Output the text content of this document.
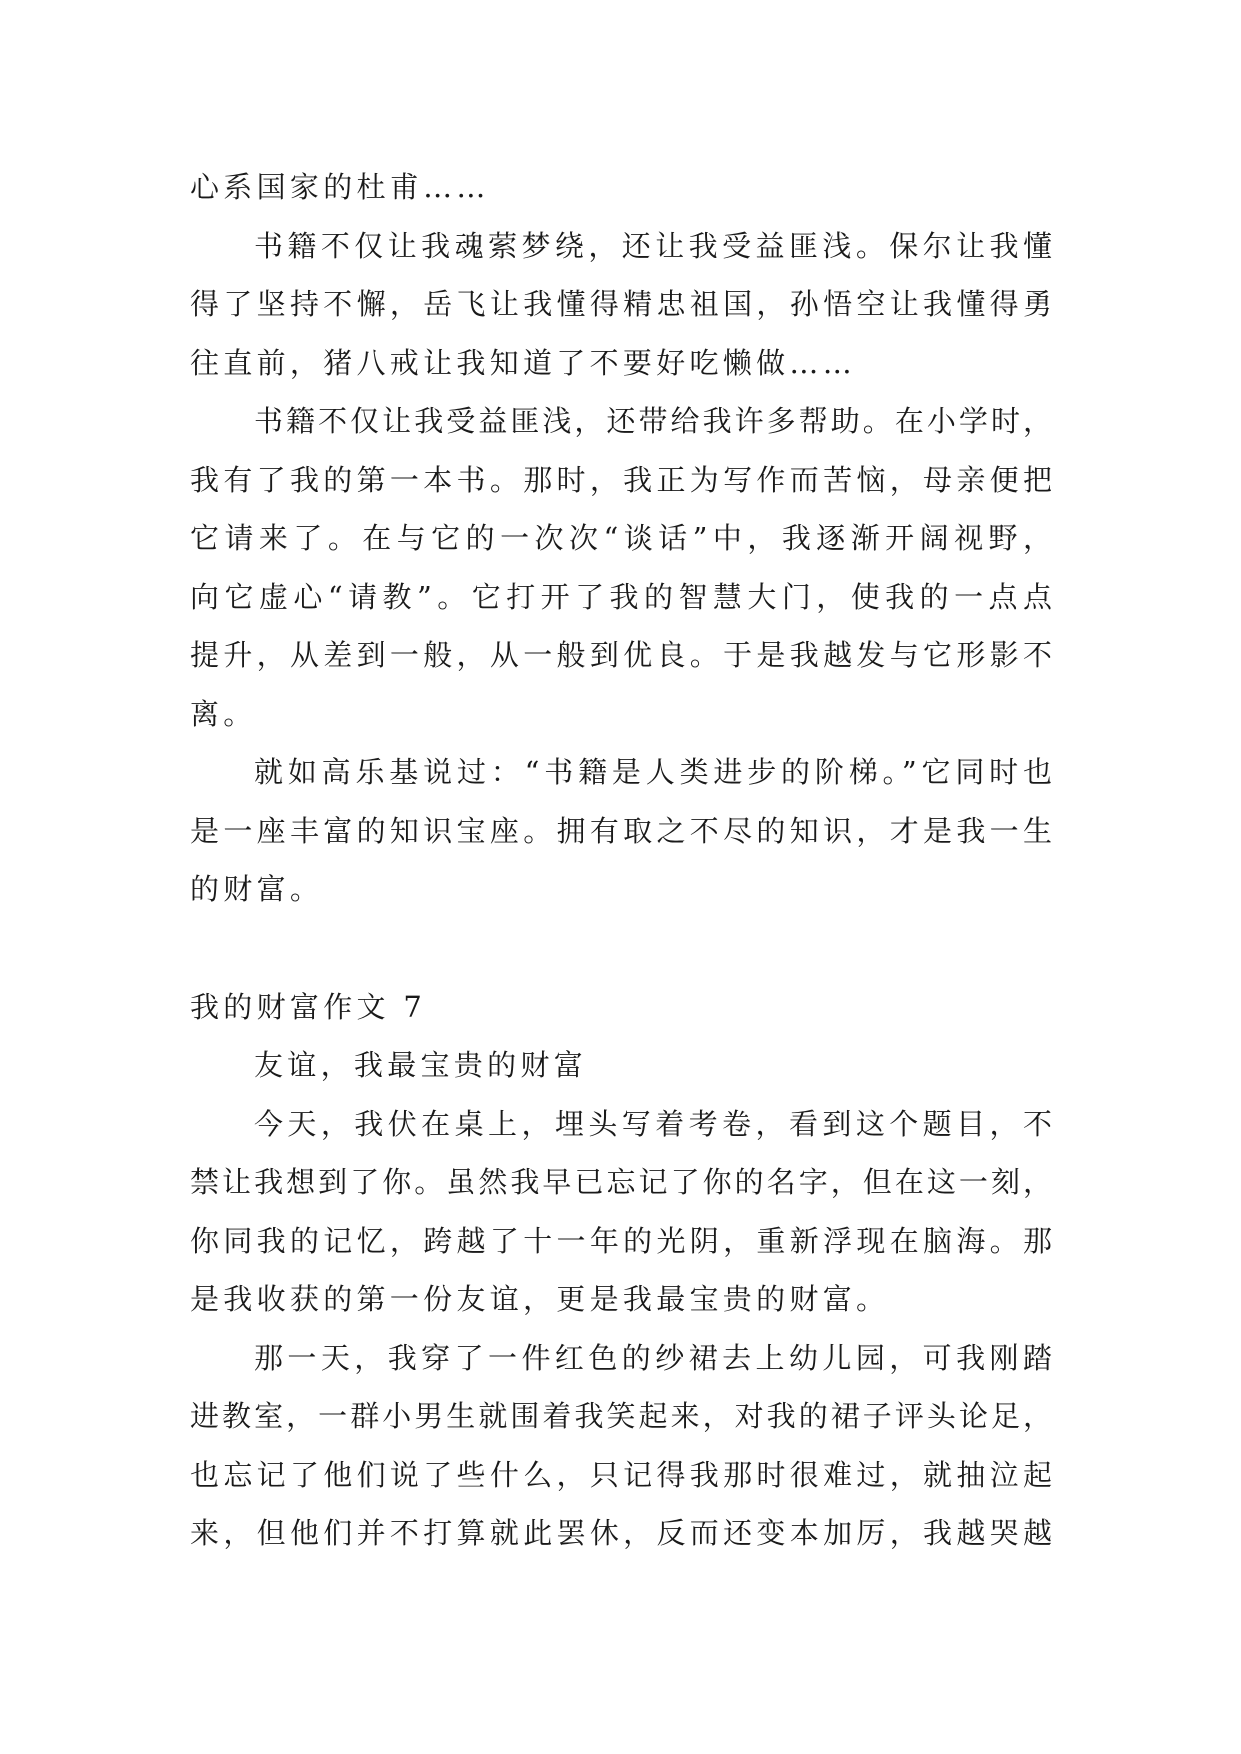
心系国家的杜甫……
书籍不仅让我魂萦梦绕，还让我受益匪浅。保尔让我懂
得了坚持不懈，岳飞让我懂得精忠祖国，孙悟空让我懂得勇
往直前，猪八戒让我知道了不要好吃懒做……
书籍不仅让我受益匪浅，还带给我许多帮助。在小学时，
我有了我的第一本书。那时，我正为写作而苦恼，母亲便把
它请来了。在与它的一次次“谈话”中，我逐渐开阔视野，
向它虚心“请教”。它打开了我的智慧大门，使我的一点点
提升，从差到一般，从一般到优良。于是我越发与它形影不
离。
就如高乐基说过：“书籍是人类进步的阶梯。”它同时也
是一座丰富的知识宝座。拥有取之不尽的知识，才是我一生
的财富。
我的财富作文 7
友谊，我最宝贵的财富
今天，我伏在桌上，埋头写着考卷，看到这个题目，不
禁让我想到了你。虽然我早已忘记了你的名字，但在这一刻，
你同我的记忆，跨越了十一年的光阴，重新浮现在脑海。那
是我收获的第一份友谊，更是我最宝贵的财富。
那一天，我穿了一件红色的纱裙去上幼儿园，可我刚踏
进教室，一群小男生就围着我笑起来，对我的裙子评头论足，
也忘记了他们说了些什么，只记得我那时很难过，就抽泣起
来，但他们并不打算就此罢休，反而还变本加厉，我越哭越
